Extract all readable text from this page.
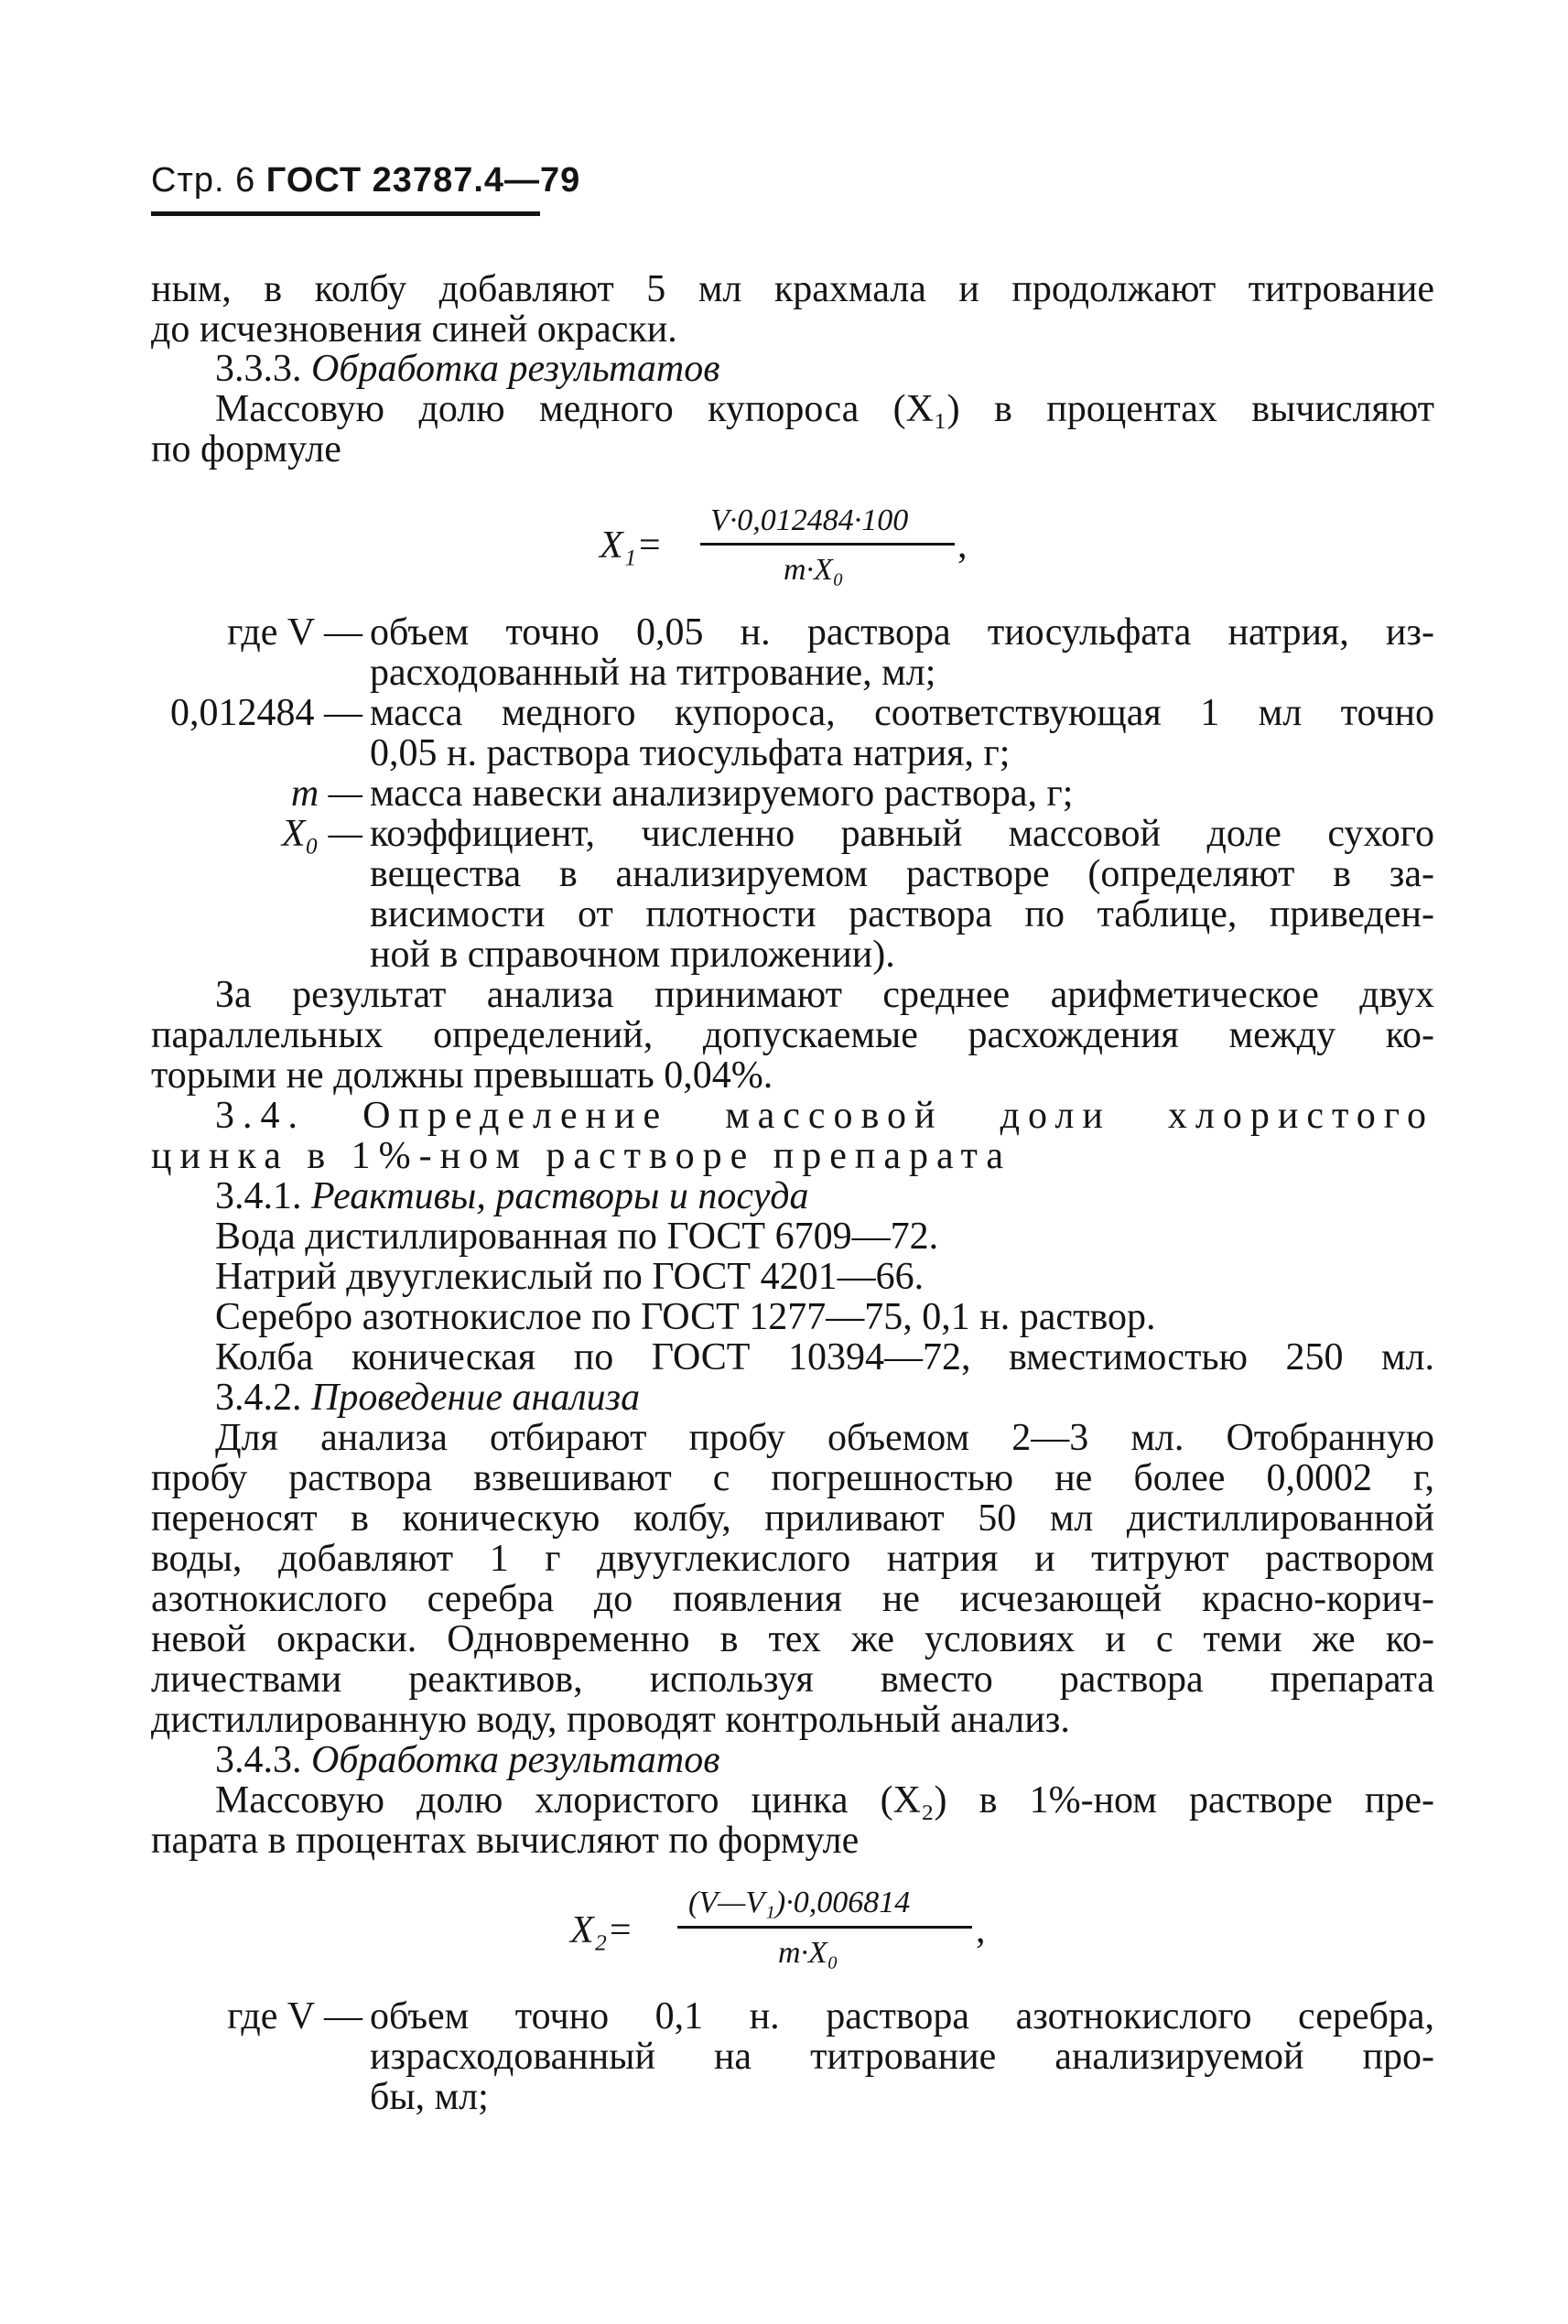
Стр. 6 ГОСТ 23787.4—79
ным, в колбу добавляют 5 мл крахмала и продолжают титрование
до исчезновения синей окраски.
3.3.3. Обработка результатов
Массовую долю медного купороса (X₁) в процентах вычисляют
по формуле
X₁=
V·0,012484·100
m·X₀
,
где V — объем точно 0,05 н. раствора тиосульфата натрия, из-
расходованный на титрование, мл;
0,012484 — масса медного купороса, соответствующая 1 мл точно
0,05 н. раствора тиосульфата натрия, г;
m — масса навески анализируемого раствора, г;
X₀ — коэффициент, численно равный массовой доле сухого
вещества в анализируемом растворе (определяют в за-
висимости от плотности раствора по таблице, приведен-
ной в справочном приложении).
За результат анализа принимают среднее арифметическое двух
параллельных определений, допускаемые расхождения между ко-
торыми не должны превышать 0,04%.
3.4. Определение массовой доли хлористого
цинка в 1%-ном растворе препарата
3.4.1. Реактивы, растворы и посуда
Вода дистиллированная по ГОСТ 6709—72.
Натрий двууглекислый по ГОСТ 4201—66.
Серебро азотнокислое по ГОСТ 1277—75, 0,1 н. раствор.
Колба коническая по ГОСТ 10394—72, вместимостью 250 мл.
3.4.2. Проведение анализа
Для анализа отбирают пробу объемом 2—3 мл. Отобранную
пробу раствора взвешивают с погрешностью не более 0,0002 г,
переносят в коническую колбу, приливают 50 мл дистиллированной
воды, добавляют 1 г двууглекислого натрия и титруют раствором
азотнокислого серебра до появления не исчезающей красно-корич-
невой окраски. Одновременно в тех же условиях и с теми же ко-
личествами реактивов, используя вместо раствора препарата
дистиллированную воду, проводят контрольный анализ.
3.4.3. Обработка результатов
Массовую долю хлористого цинка (X₂) в 1%-ном растворе пре-
парата в процентах вычисляют по формуле
X₂=
(V—V₁)·0,006814
m·X₀
,
где V — объем точно 0,1 н. раствора азотнокислого серебра,
израсходованный на титрование анализируемой про-
бы, мл;
